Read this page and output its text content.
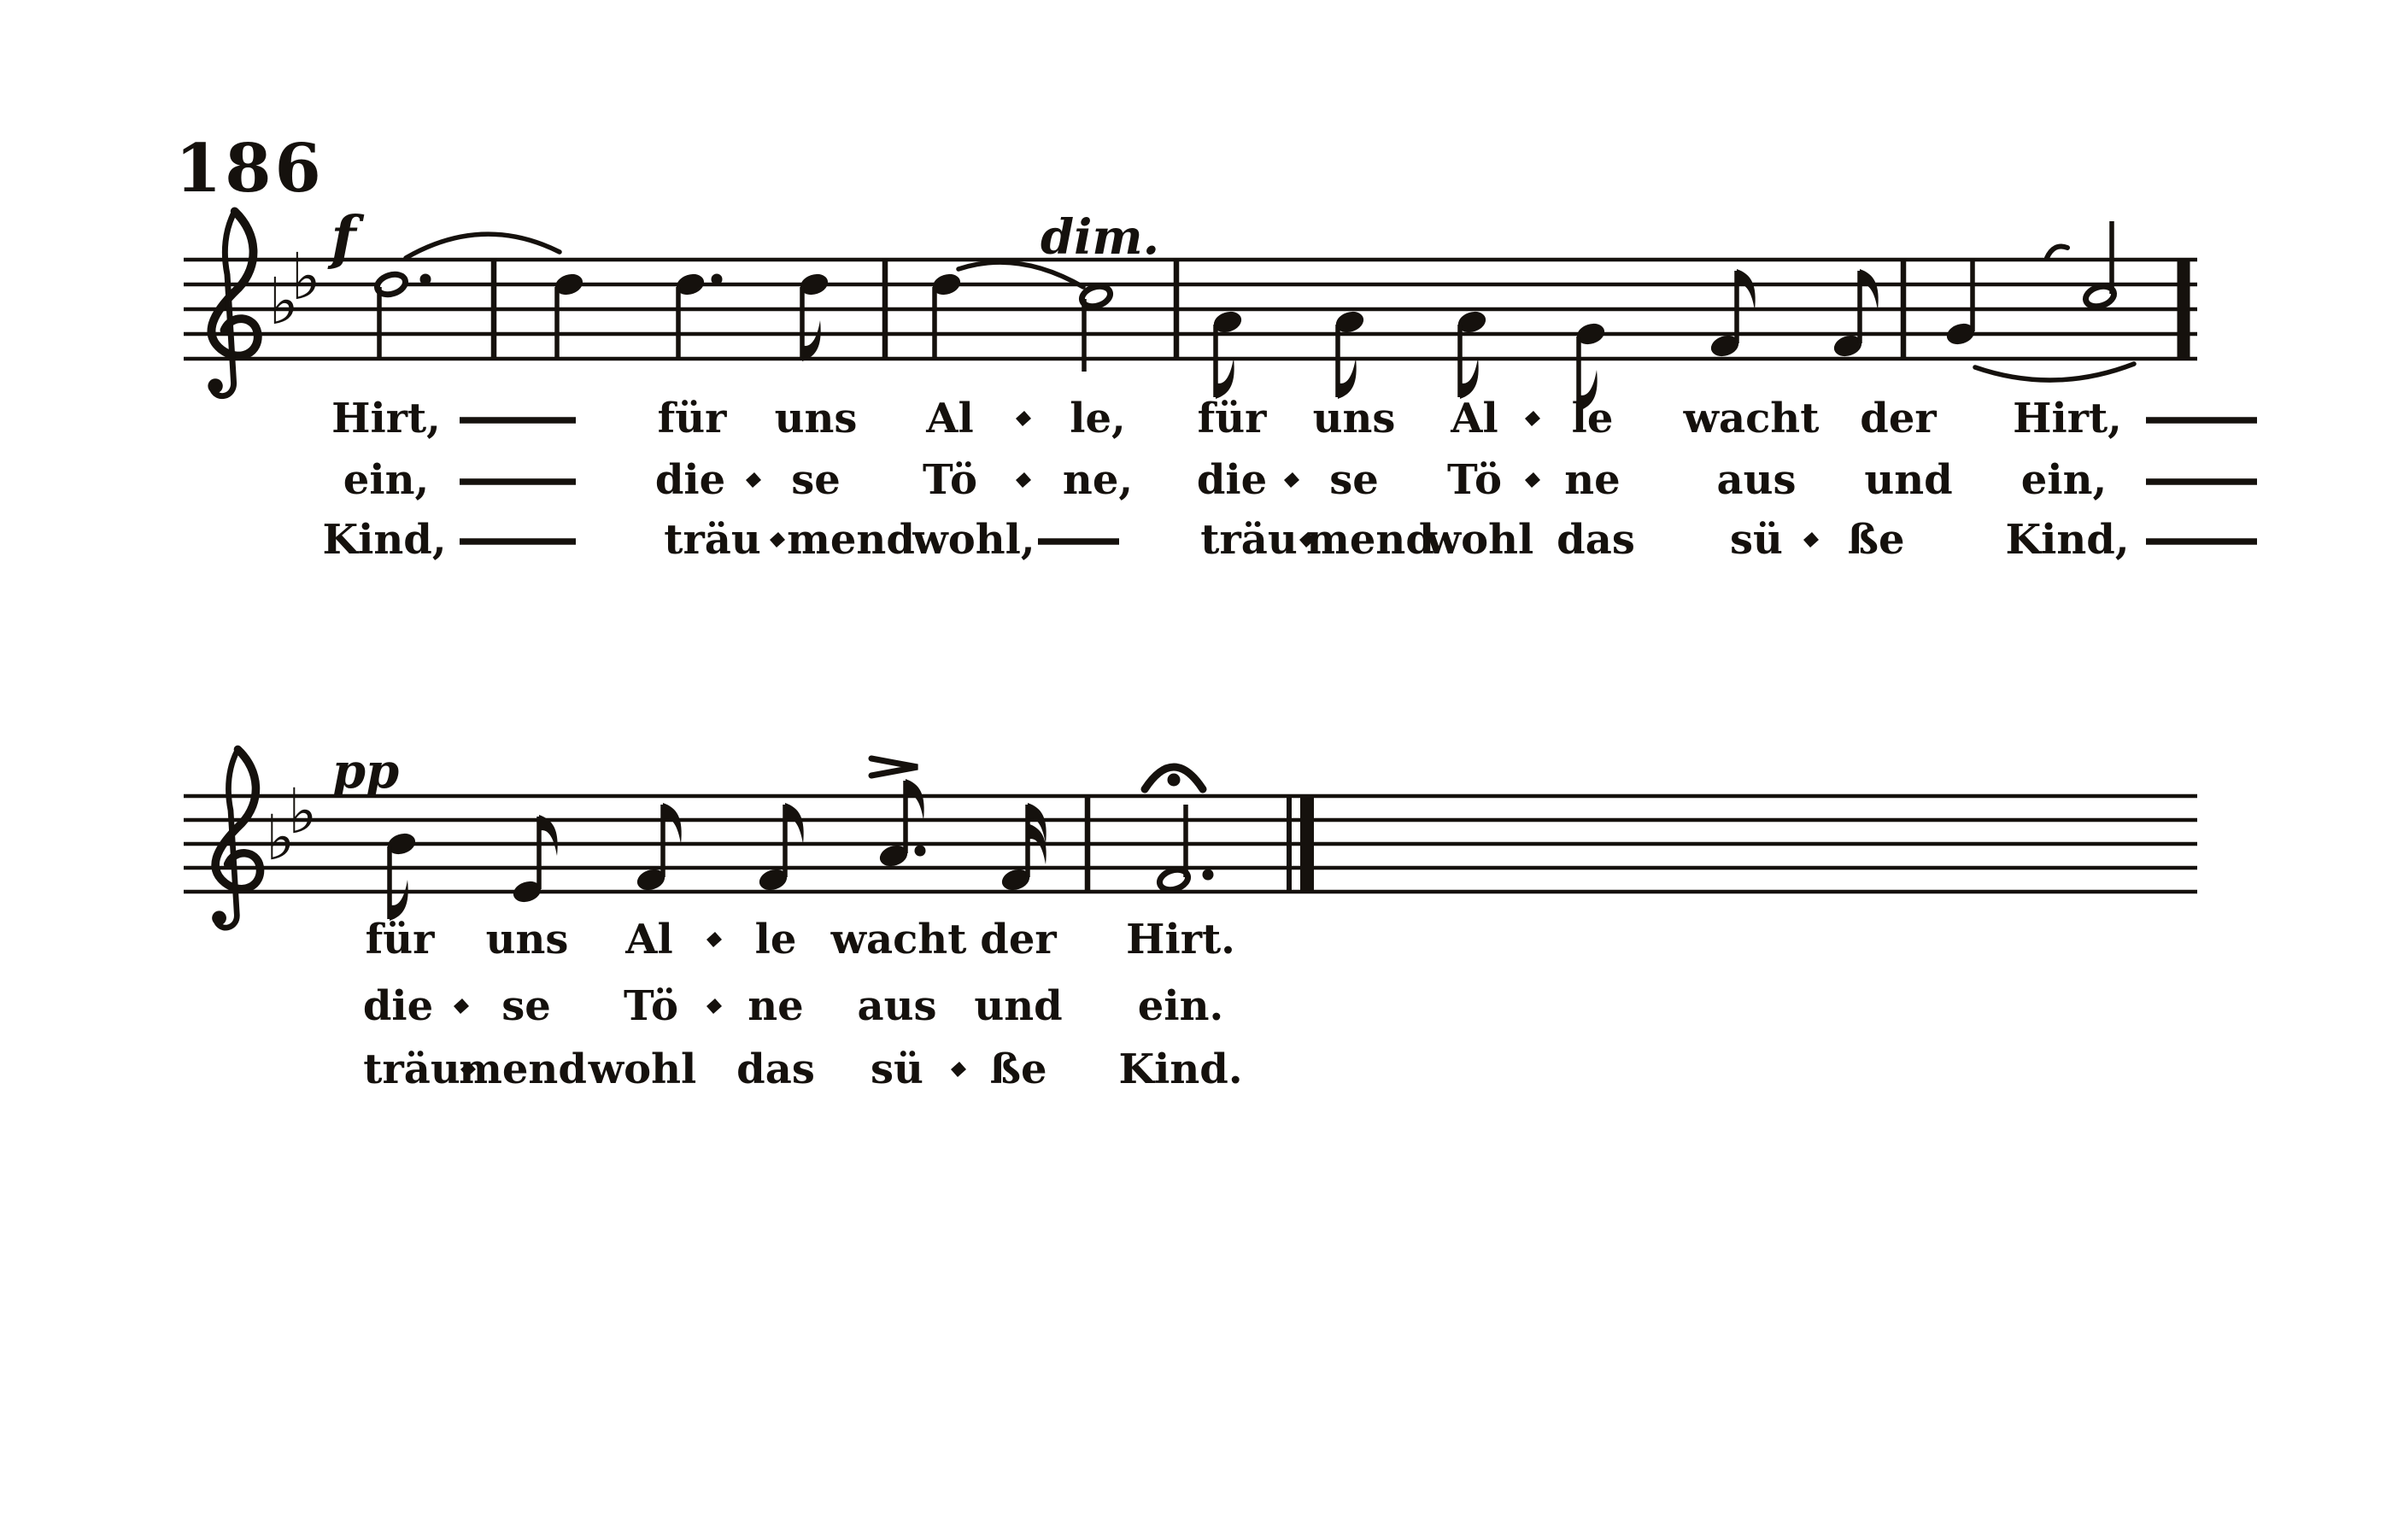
♭
♭
f	dim.
Hirt,	für uns Al le, für uns Al le wacht der Hirt,
ein,	die se Tö ne, die se Tö ne aus und ein,
Kind,	träu mend
wohl,	träu mend
wohl das sü ße Kind,
♭
♭
pp
für uns Al le wacht der Hirt.
die se Tö ne aus und ein.
träu
mend wohl das sü ße Kind.
186
